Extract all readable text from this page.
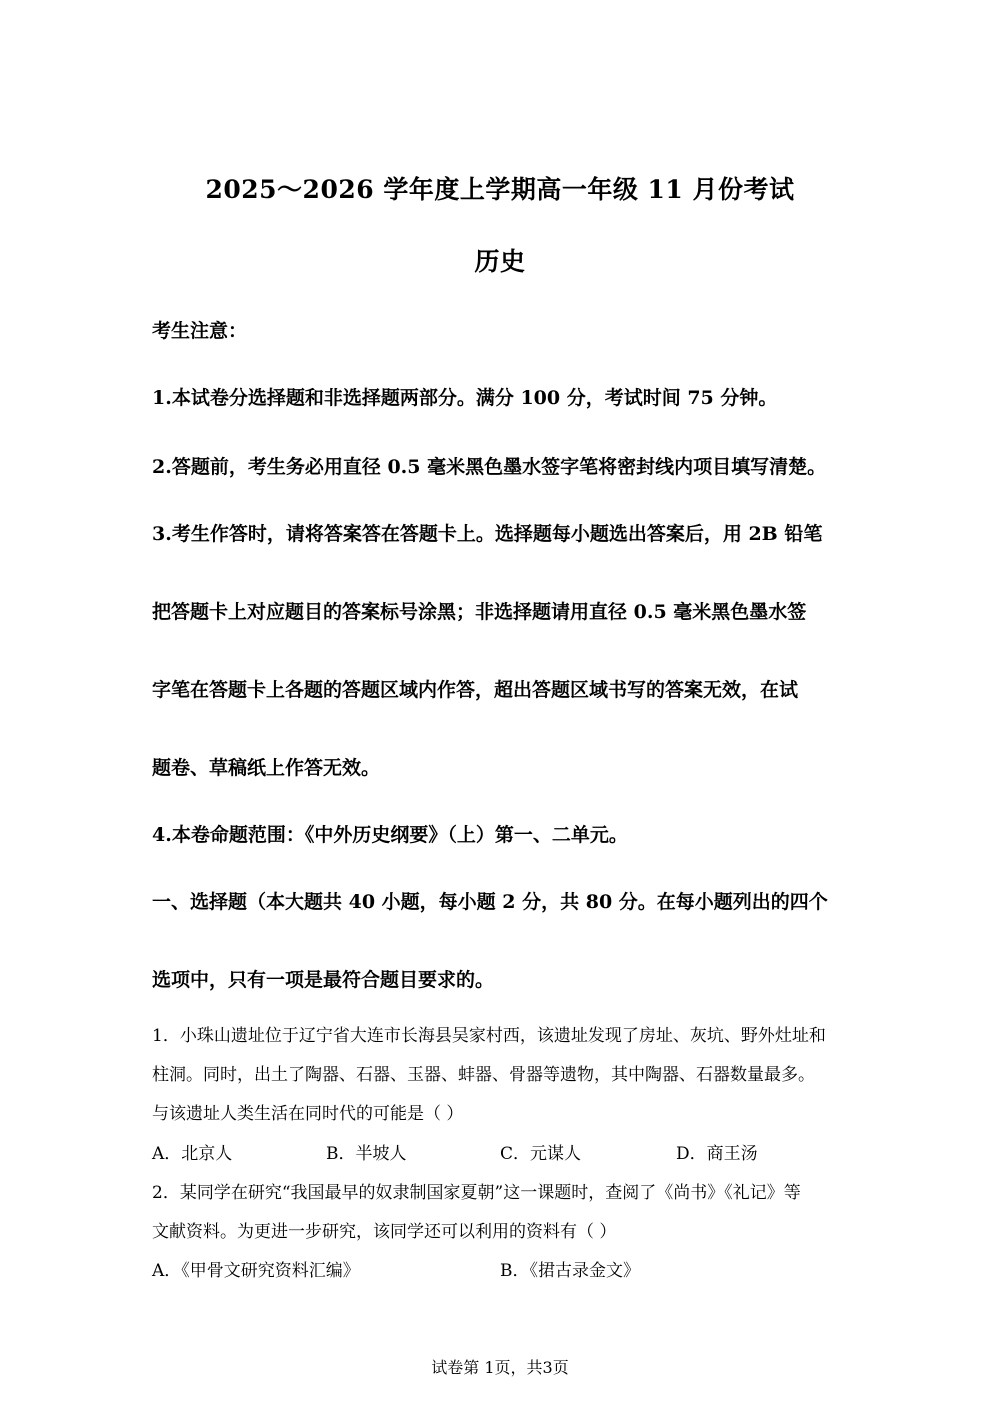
2025～2026 学年度上学期高一年级 11 月份考试
历史
考生注意：
1.本试卷分选择题和非选择题两部分。满分 100 分，考试时间 75 分钟。
2.答题前，考生务必用直径 0.5 毫米黑色墨水签字笔将密封线内项目填写清楚。
3.考生作答时，请将答案答在答题卡上。选择题每小题选出答案后，用 2B 铅笔
把答题卡上对应题目的答案标号涂黑；非选择题请用直径 0.5 毫米黑色墨水签
字笔在答题卡上各题的答题区域内作答，超出答题区域书写的答案无效，在试
题卷、草稿纸上作答无效。
4.本卷命题范围：《中外历史纲要》（上）第一、二单元。
一、选择题（本大题共 40 小题，每小题 2 分，共 80 分。在每小题列出的四个
选项中，只有一项是最符合题目要求的。
1．小珠山遗址位于辽宁省大连市长海县吴家村西，该遗址发现了房址、灰坑、野外灶址和
柱洞。同时，出土了陶器、石器、玉器、蚌器、骨器等遗物，其中陶器、石器数量最多。
与该遗址人类生活在同时代的可能是（ ）
A．北京人	B．半坡人	C．元谋人	D．商王汤
2．某同学在研究“我国最早的奴隶制国家夏朝”这一课题时，查阅了《尚书》《礼记》等
文献资料。为更进一步研究，该同学还可以利用的资料有（ ）
A．《甲骨文研究资料汇编》	B．《捃古录金文》
试卷第 1页，共3页
